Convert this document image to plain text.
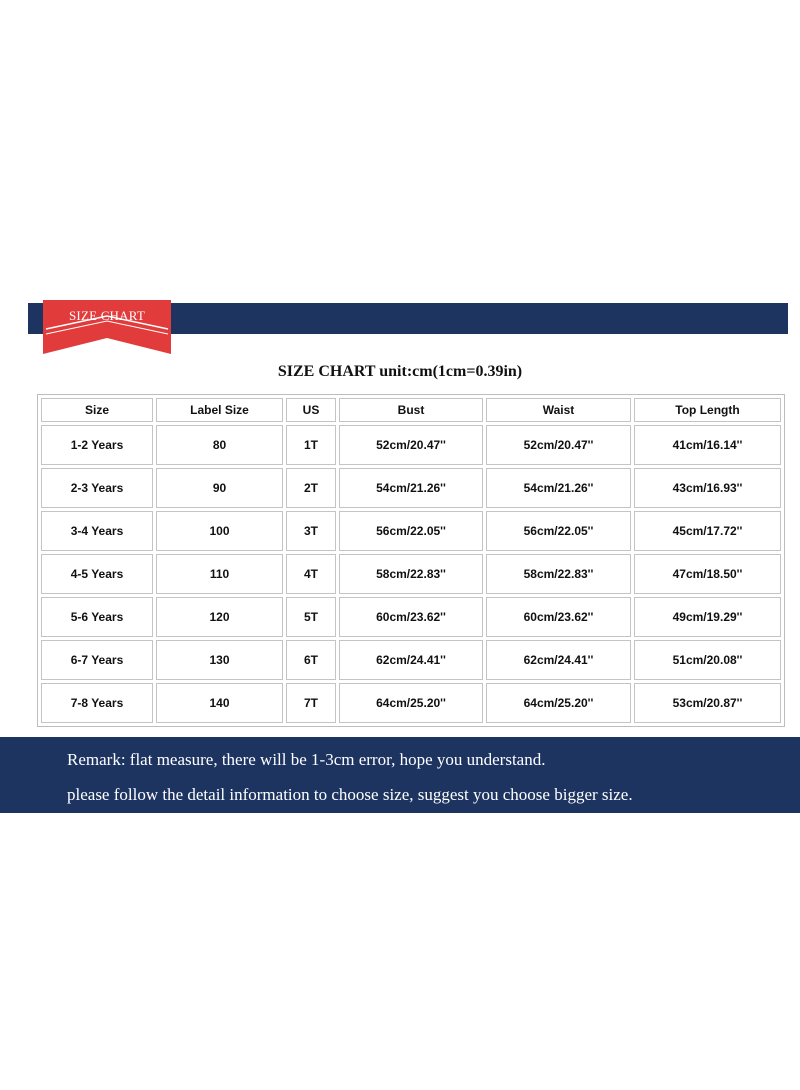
SIZE CHART
SIZE CHART unit:cm(1cm=0.39in)
Size	Label Size	US	Bust	Waist	Top Length
1-2 Years	80	1T	52cm/20.47''	52cm/20.47''	41cm/16.14''
2-3 Years	90	2T	54cm/21.26''	54cm/21.26''	43cm/16.93''
3-4 Years	100	3T	56cm/22.05''	56cm/22.05''	45cm/17.72''
4-5 Years	110	4T	58cm/22.83''	58cm/22.83''	47cm/18.50''
5-6 Years	120	5T	60cm/23.62''	60cm/23.62''	49cm/19.29''
6-7 Years	130	6T	62cm/24.41''	62cm/24.41''	51cm/20.08''
7-8 Years	140	7T	64cm/25.20''	64cm/25.20''	53cm/20.87''
Remark: flat measure, there will be 1-3cm error, hope you understand.
please follow the detail information to choose size, suggest you choose bigger size.
